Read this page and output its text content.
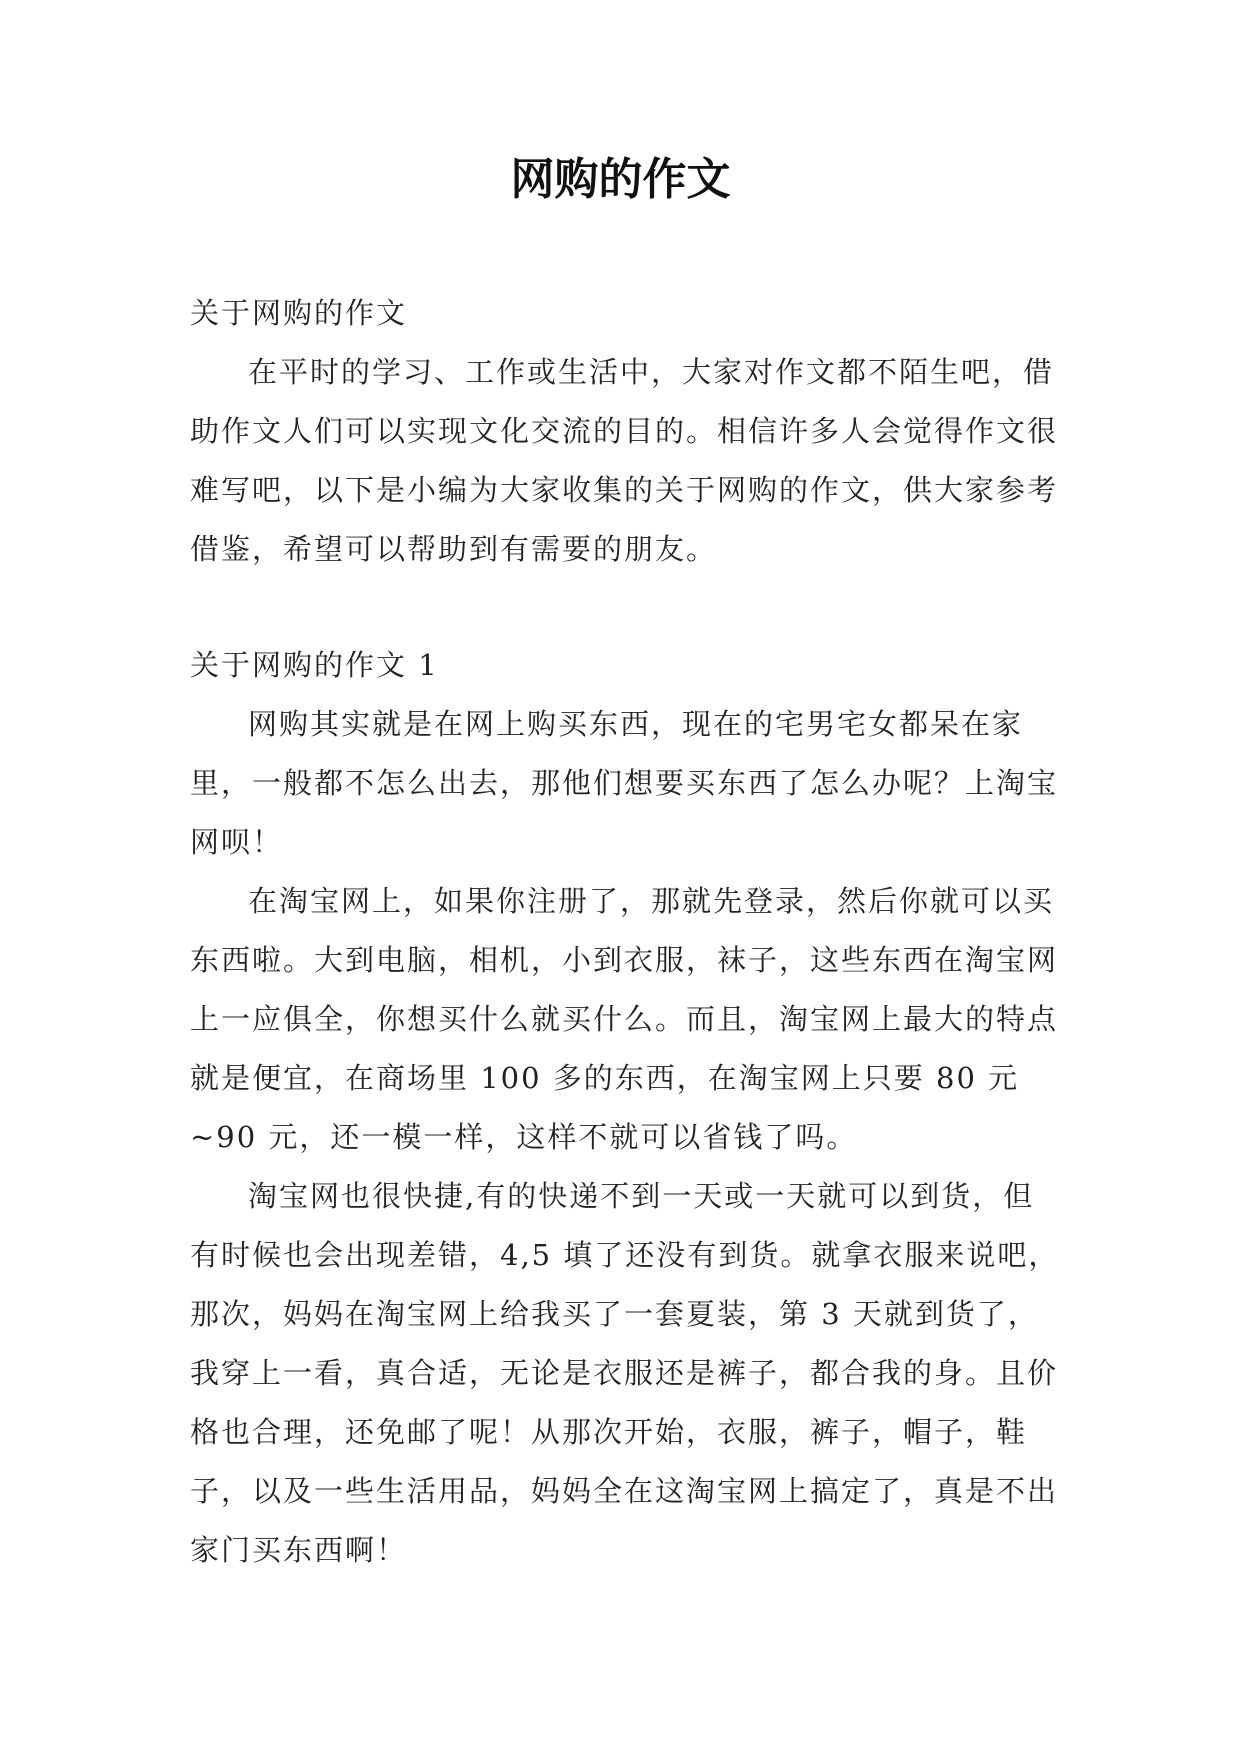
网购的作文

关于网购的作文

在平时的学习、工作或生活中，大家对作文都不陌生吧，借助作文人们可以实现文化交流的目的。相信许多人会觉得作文很难写吧，以下是小编为大家收集的关于网购的作文，供大家参考借鉴，希望可以帮助到有需要的朋友。

关于网购的作文 1

网购其实就是在网上购买东西，现在的宅男宅女都呆在家里，一般都不怎么出去，那他们想要买东西了怎么办呢？上淘宝网呗！

在淘宝网上，如果你注册了，那就先登录，然后你就可以买东西啦。大到电脑，相机，小到衣服，袜子，这些东西在淘宝网上一应俱全，你想买什么就买什么。而且，淘宝网上最大的特点就是便宜，在商场里 100 多的东西，在淘宝网上只要 80 元~90 元，还一模一样，这样不就可以省钱了吗。

淘宝网也很快捷,有的快递不到一天或一天就可以到货，但有时候也会出现差错，4,5 填了还没有到货。就拿衣服来说吧，那次，妈妈在淘宝网上给我买了一套夏装，第 3 天就到货了，我穿上一看，真合适，无论是衣服还是裤子，都合我的身。且价格也合理，还免邮了呢！从那次开始，衣服，裤子，帽子，鞋子，以及一些生活用品，妈妈全在这淘宝网上搞定了，真是不出家门买东西啊！
